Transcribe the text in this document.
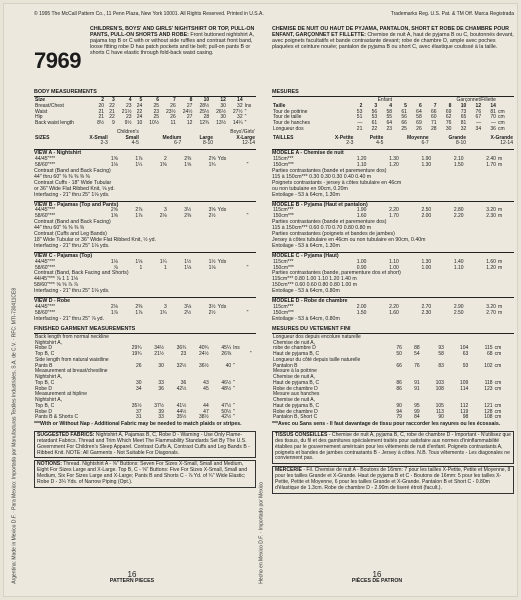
© 1995 The McCall Pattern Co., 11 Penn Plaza, New York 10001. All Rights Reserved. Printed in U.S.A.	Trademarks Reg. U.S. Pat. & TM Off. Marca Registrada
Argentina: Made in Mexico D.F. · Para Mexico: Importado por Manufacturas Textiles Industriales, S.A. de C.V. · RFC: MTI-730411CE8	Hecho en Mexico D.F. · Importado por Mexico
7969
CHILDREN'S, BOYS' AND GIRLS' NIGHTSHIRT OR TOP, PULL-ON PANTS, PULL-ON SHORTS AND ROBE: Front buttoned nightshirt A, pajama top B or C with or without side ruffles and contrast front band, loose fitting robe D has patch pockets and tie belt; pull-on pants B or shorts C have elastic through fold-back waist casing.
CHEMISE DE NUIT OU HAUT DE PYJAMA, PANTALON, SHORT ET ROBE DE CHAMBRE POUR ENFANT, GARÇONNET ET FILLETTE: Chemise de nuit A, haut de pyjama B ou C, boutonnés devant, avec poignets facultatifs et bande contrastante devant; robe de chambre D, ample avec poches plaquées et ceinture nouée; pantalon de pyjama B ou short C, avec élastique coulissé à la taille.
BODY MEASUREMENTS
Size	2	3	4	5	6	7	8	10	12	14	
Breast/Chest	20	22	23	24	25	26	27	28½	30	32	Ins
Waist	21	21	21½	22	23	23½	24½	25½	26½	27½	"
Hip	21	22	23	24	25	26	27	28	30	32	"
Back waist length	8½	9	9½	10	10½	11	12	12¾	13½	14¼	"
	Children's		Boys'/Girls'		
SIZES	X-Small	Small	Medium	Large	X-Large
	2-3	4-5	6-7	8-10	12-14
VIEW A - Nightshirt
44/45"***	1⅝	1⅞	2	2⅜	2⅝	Yds	
58/60"***	1⅛	1¼	1⅜	1⅝	1¾		"
Contrast (Band and Back Facing)
44" thru 60" ⅜ ⅜ ⅜ ⅜ ⅜
Contrast Cuffs - 18" Wide Tubular
or 36" Wide Flat Ribbed Knit, ⅛ yd.
Interfacing - 21" thru 25" 1⅛ yds.
VIEW B - Pajamas (Top and Pants)
44/45"***	2⅝	2⅞	3	3½	3⅝	Yds	
58/60"***	1⅝	1⅞	2⅛	2⅜	2½		"
Contrast (Band and Back Facing)
44" thru 60" ⅜ ⅜ ⅜ ⅜
Contrast (Cuffs and Leg Bands)
18" Wide Tubular or 36" Wide Flat Ribbed Knit, ½ yd.
Interfacing - 21" thru 25" 1⅛ yds.
VIEW C - Pajamas (Top)
44/45"***	1⅛	1⅛	1¼	1½	1½	Yds	
58/60"***	⅞	1	1	1⅛	1⅛		"
Contrast (Band, Back Facing and Shorts)
44/45"*** ⅞ 1 1 1⅛
58/60"*** ⅝ ⅝ ⅞ ⅞
Interfacing - 21" thru 25" 1⅛ yds.
VIEW D - Robe
44/45"***	2⅛	2⅜	3	3⅛	3½	Yds	
58/60"***	1⅞	1⅞	1¾	2½	2½		"
Interfacing - 21" thru 25" ⅞ yd.
FINISHED GARMENT MEASUREMENTS
Back length from normal neckline							
Nightshirt A,							
Robe D	29¾	34½	36¾	40¾	45¼	Ins	
Top B, C	19¾	21½	23	24½	26⅜		"
Side length from natural waistline							
Pants B	26	30	32½	36½	40	"	
Measurement at breast/chestline							
Nightshirt A,							
Top B, C	30	33	36	43	46½	"	
Robe D	34	36	42½	45	48½	"	
Measurement at hipline							
Nightshirt A,							
Top B, C	35½	37½	41½	44	47½	"	
Robe D	37	39	44½	47	50½	"	
Pants B & Shorts C	31	33	35½	38½	42½	"	
***With or Without Nap - Additional Fabric may be needed to match plaids or stripes.
SUGGESTED FABRICS: Nightshirt A, Pajamas B, C, Robe D - Warning - Use Only Flame-retardant Fabrics. Thread and Trim Which Meet The Flammability Standards Set By The U.S. Government For Children's Sleep Apparel. Contrast Cuffs A, Contrast Cuffs and Leg Bands B - Ribbed Knit. NOTE: All Garments - Not Suitable For Diagonals.
NOTIONS: Thread. Nightshirt A - ⅝" Buttons: Seven For Sizes X-Small, Small and Medium, Eight For Sizes Large and X-Large. Top B, C - ⅝" Buttons: Five For Sizes X-Small, Small and Medium, Six For Sizes Large and X-Large; Pants B and Shorts C - ⅞ Yd. of ¾" Wide Elastic; Robe D - 3¼ Yds. of Narrow Piping (Opt.).
MESURES
	Enfant			Garçonnet/Fillette							
Taille	2	3	4	5	6	7	8	10	12	14	
Tour de poitrine	53	56	58	61	64	66	69	73	76	81	cm
Tour de taille	51	53	55	56	58	60	62	65	67	70	cm
Tour de hanches	—	61	64	66	69	71	76	81	—	—	cm
Longueur dos	21	22	23	25	26	28	30	32	34	36	cm
TAILLES	X-Petite	Petite	Moyenne	Grande	X-Grande
	2-3	4-5	6-7	8-10	12-14
MODELE A - Chemise de nuit
115cm***	1.20	1.30	1.90	2.10	2.40	m
150cm***	1.10	1.20	1.30	1.50	1.70	m
Parties contrastantes (bande et parementure dos)
115 à 150cm*** 0.30 0.30 0.30 0.40 0.40 m
Poignets contrastants - jersey à côtes tubulaire en 46cm
ou non tubulaire en 90cm, 0.20m
Entoilage - 53 à 64cm, 1.30m
MODELE B - Pyjama (Haut et pantalon)
115cm***	1.90	2.20	2.50	2.80	3.20	m
150cm***	1.60	1.70	2.00	2.20	2.30	m
Parties contrastantes (bande et parementure dos)
115 à 150cm*** 0.60 0.70 0.70 0.80 0.80 m
Parties contrastantes (poignets et bandes de jambes)
Jersey à côtes tubulaire en 46cm ou non tubulaire en 90cm, 0.40m
Entoilage - 53 à 64cm, 1.30m
MODELE C - Pyjama (Haut)
115cm***	1.00	1.10	1.30	1.40	1.60	m
150cm***	0.90	1.00	1.00	1.10	1.20	m
Parties contrastantes (bande, parementure dos et short)
115cm*** 0.80 1.00 1.10 1.20 1.40 m
150cm*** 0.60 0.60 0.80 0.80 1.00 m
Entoilage - 53 à 64cm, 0.80m
MODELE D - Robe de chambre
115cm***	2.00	2.20	2.70	2.90	3.20	m
150cm***	1.50	1.60	2.30	2.50	2.70	m
Entoilage - 53 à 64cm, 0.80m
MESURES DU VETEMENT FINI
Longueur dos depuis encolure naturelle						
Chemise de nuit A,						
robe de chambre D	76	88	93	104	115	cm
Haut de pyjama B, C	50	54	58	63	68	cm
Longueur du côté depuis taille naturelle						
Pantalon B	66	76	83	93	102	cm
Mesure à la poitrine						
Chemise de nuit A,						
Haut de pyjama B, C	86	91	103	109	118	cm
Robe de chambre D	86	91	108	114	123	cm
Mesure aux hanches						
Chemise de nuit A,						
Haut de pyjama B, C	90	95	105	112	121	cm
Robe de chambre D	94	99	113	119	128	cm
Pantalon B, Short C	79	84	90	98	108	cm
***Avec ou Sans sens - Il faut davantage de tissu pour raccorder les rayures ou les écossais.
TISSUS CONSEILLÉS - Chemise de nuit A, pyjama B, C, robe de chambre D - Important - N'utilisez que des tissus, du fil et des garnitures spécialement traités pour satisfaire aux normes d'ininflammabilité établies par le gouvernement américain pour les vêtements de nuit d'enfant. Poignets contrastants A, poignets et bandes de jambes contrastants B - Jersey à côtes. N.B. Tous vêtements - Les diagonales ne conviennent pas.
MERCERIE - Fil. Chemise de nuit A - Boutons de 16mm: 7 pour les tailles X-Petite, Petite et Moyenne, 8 pour les tailles Grande et X-Grande. Haut de pyjama B et C - Boutons de 16mm: 5 pour les tailles X-Petite, Petite et Moyenne, 6 pour les tailles Grande et X-Grande. Pantalon B et Short C - 0.80m d'élastique de 1.3cm. Robe de chambre D - 2.90m de liseré étroit (facult.).
16
PATTERN PIECES
16
PIÈCES DE PATRON
